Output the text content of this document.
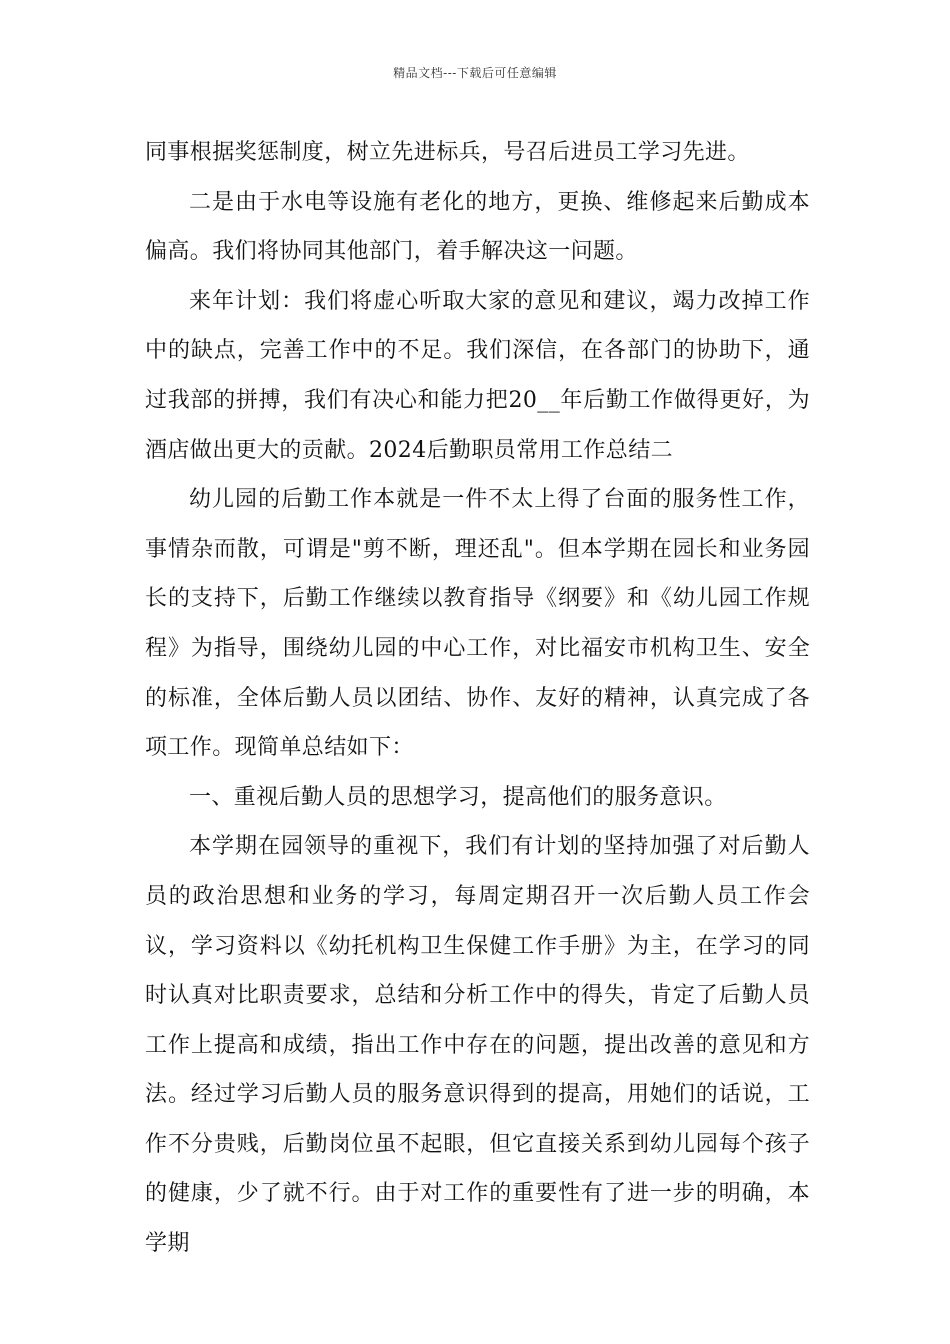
精品文档---下载后可任意编辑

同事根据奖惩制度，树立先进标兵，号召后进员工学习先进。

二是由于水电等设施有老化的地方，更换、维修起来后勤成本偏高。我们将协同其他部门，着手解决这一问题。

来年计划：我们将虚心听取大家的意见和建议，竭力改掉工作中的缺点，完善工作中的不足。我们深信，在各部门的协助下，通过我部的拼搏，我们有决心和能力把20__年后勤工作做得更好，为酒店做出更大的贡献。2024后勤职员常用工作总结二

幼儿园的后勤工作本就是一件不太上得了台面的服务性工作，事情杂而散，可谓是"剪不断，理还乱"。但本学期在园长和业务园长的支持下，后勤工作继续以教育指导《纲要》和《幼儿园工作规程》为指导，围绕幼儿园的中心工作，对比福安市机构卫生、安全的标准，全体后勤人员以团结、协作、友好的精神，认真完成了各项工作。现简单总结如下：

一、重视后勤人员的思想学习，提高他们的服务意识。

本学期在园领导的重视下，我们有计划的坚持加强了对后勤人员的政治思想和业务的学习，每周定期召开一次后勤人员工作会议，学习资料以《幼托机构卫生保健工作手册》为主，在学习的同时认真对比职责要求，总结和分析工作中的得失，肯定了后勤人员工作上提高和成绩，指出工作中存在的问题，提出改善的意见和方法。经过学习后勤人员的服务意识得到的提高，用她们的话说，工作不分贵贱，后勤岗位虽不起眼，但它直接关系到幼儿园每个孩子的健康，少了就不行。由于对工作的重要性有了进一步的明确，本学期
